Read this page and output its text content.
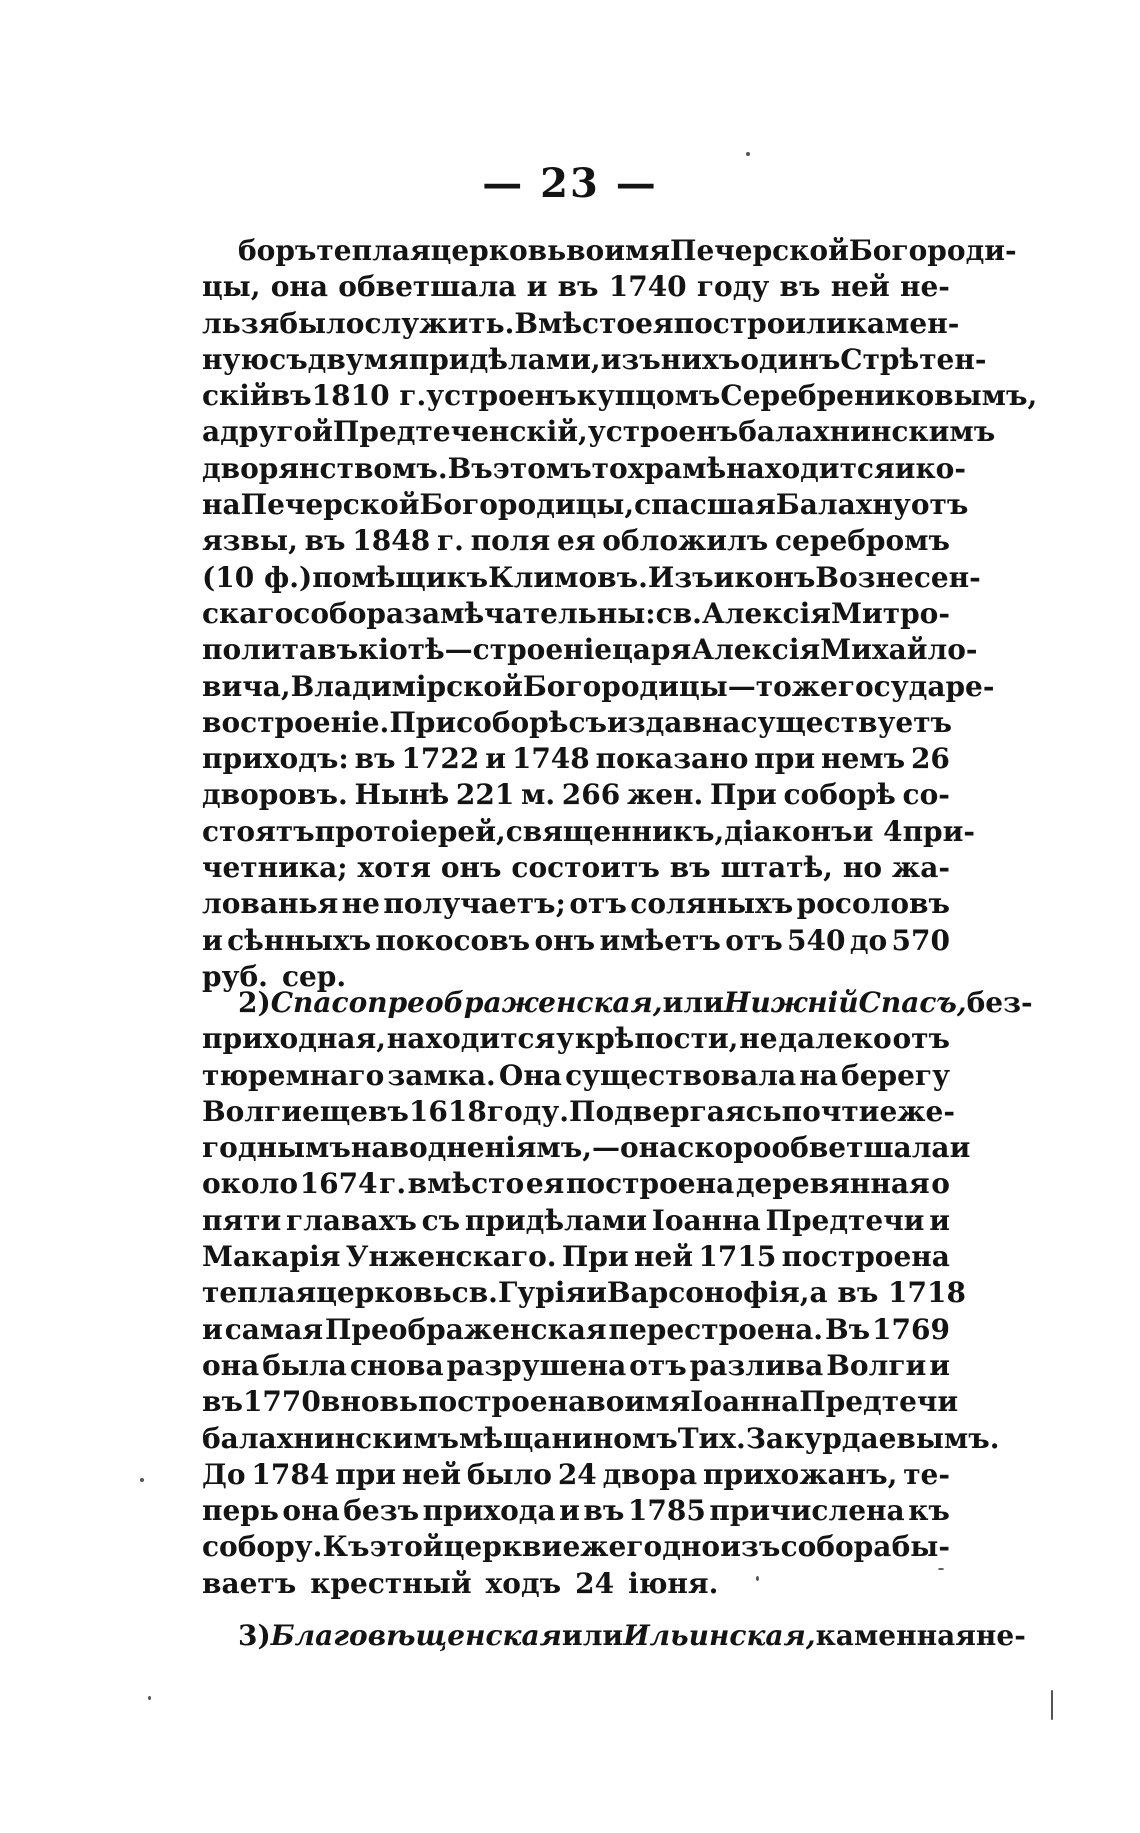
— 23 —
боръ теплая церковь во имя Печерской Богороди-
цы, она обветшала и въ 1740 году въ ней не-
льзя было служить. Вмѣсто ея построили камен-
ную съ двумя придѣлами, изъ нихъ одинъ Стрѣтен-
скій въ 1810 г. устроенъ купцомъ Серебрениковымъ,
а другой Предтеченскій, устроенъ балахнинскимъ
дворянствомъ. Въ этомъ то храмѣ находится ико-
на Печерской Богородицы, спасшая Балахну отъ
язвы, въ 1848 г. поля ея обложилъ серебромъ
(10 ф.) помѣщикъ Климовъ. Изъ иконъ Вознесен-
скаго собора замѣчательны: св. Алексія Митро-
полита въ кіотѣ—строеніе царя Алексія Михайло-
вича, Владимірской Богородицы—тоже государе-
во строеніе. При соборѣ съиздавна существуетъ
приходъ: въ 1722 и 1748 показано при немъ 26
дворовъ. Нынѣ 221 м. 266 жен. При соборѣ со-
стоятъ протоіерей, священникъ, діаконъ и 4 при-
четника; хотя онъ состоитъ въ штатѣ, но жа-
лованья не получаетъ; отъ соляныхъ росоловъ
и сѣнныхъ покосовъ онъ имѣетъ отъ 540 до 570
руб. сер.
2) Спасопреображенская, или Нижній Спасъ, без-
приходная, находится у крѣпости, не далеко отъ
тюремнаго замка. Она существовала на берегу
Волги еще въ 1618 году. Подвергаясь почти еже-
годнымъ наводненіямъ,—она скоро обветшала и
около 1674 г. вмѣсто ея построена деревянная о
пяти главахъ съ придѣлами Іоанна Предтечи и
Макарія Унженскаго. При ней 1715 построена
теплая церковь св. Гурія и Варсонофія, а въ 1718
и самая Преображенская перестроена. Въ 1769
она была снова разрушена отъ разлива Волги и
въ 1770 вновь построена во имя Іоанна Предтечи
балахнинскимъ мѣщаниномъ Тих. Закурдаевымъ.
До 1784 при ней было 24 двора прихожанъ, те-
перь она безъ прихода и въ 1785 причислена къ
собору. Къ этой церкви ежегодно изъ собора бы-
ваетъ крестный ходъ 24 іюня.
3) Благовѣщенская или Ильинская, каменная не-
